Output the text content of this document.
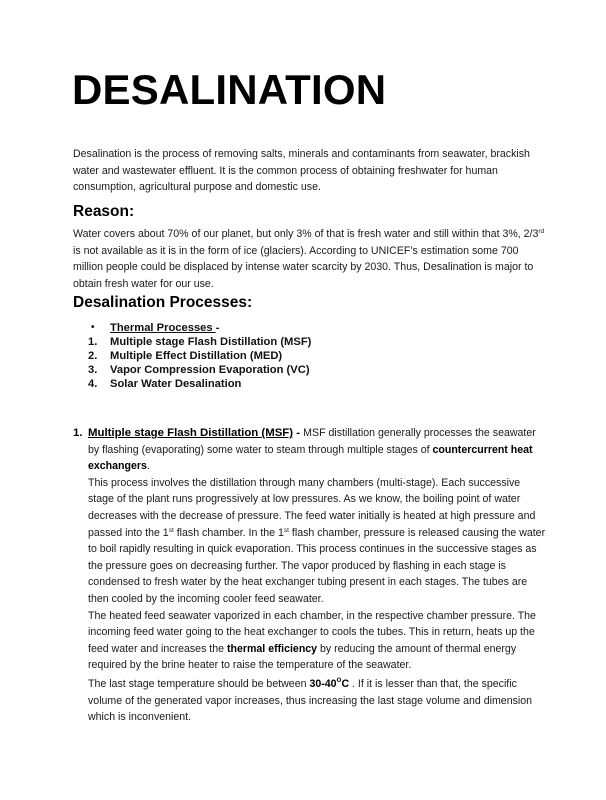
DESALINATION

Desalination is the process of removing salts, minerals and contaminants from seawater, brackish water and wastewater effluent. It is the common process of obtaining freshwater for human consumption, agricultural purpose and domestic use.

Reason:

Water covers about 70% of our planet, but only 3% of that is fresh water and still within that 3%, 2/3rd is not available as it is in the form of ice (glaciers). According to UNICEF’s estimation some 700 million people could be displaced by intense water scarcity by 2030. Thus, Desalination is major to obtain fresh water for our use.

Desalination Processes:
•	Thermal Processes -
1.	Multiple stage Flash Distillation (MSF)
2.	Multiple Effect Distillation (MED)
3.	Vapor Compression Evaporation (VC)
4.	Solar Water Desalination
1. Multiple stage Flash Distillation (MSF) - MSF distillation generally processes the seawater by flashing (evaporating) some water to steam through multiple stages of countercurrent heat exchangers.

This process involves the distillation through many chambers (multi-stage). Each successive stage of the plant runs progressively at low pressures. As we know, the boiling point of water decreases with the decrease of pressure. The feed water initially is heated at high pressure and passed into the 1st flash chamber. In the 1st flash chamber, pressure is released causing the water to boil rapidly resulting in quick evaporation. This process continues in the successive stages as the pressure goes on decreasing further. The vapor produced by flashing in each stage is condensed to fresh water by the heat exchanger tubing present in each stages. The tubes are then cooled by the incoming cooler feed seawater.

The heated feed seawater vaporized in each chamber, in the respective chamber pressure. The incoming feed water going to the heat exchanger to cools the tubes. This in return, heats up the feed water and increases the thermal efficiency by reducing the amount of thermal energy required by the brine heater to raise the temperature of the seawater.

The last stage temperature should be between 30-40$^o$C . If it is lesser than that, the specific volume of the generated vapor increases, thus increasing the last stage volume and dimension which is inconvenient.
